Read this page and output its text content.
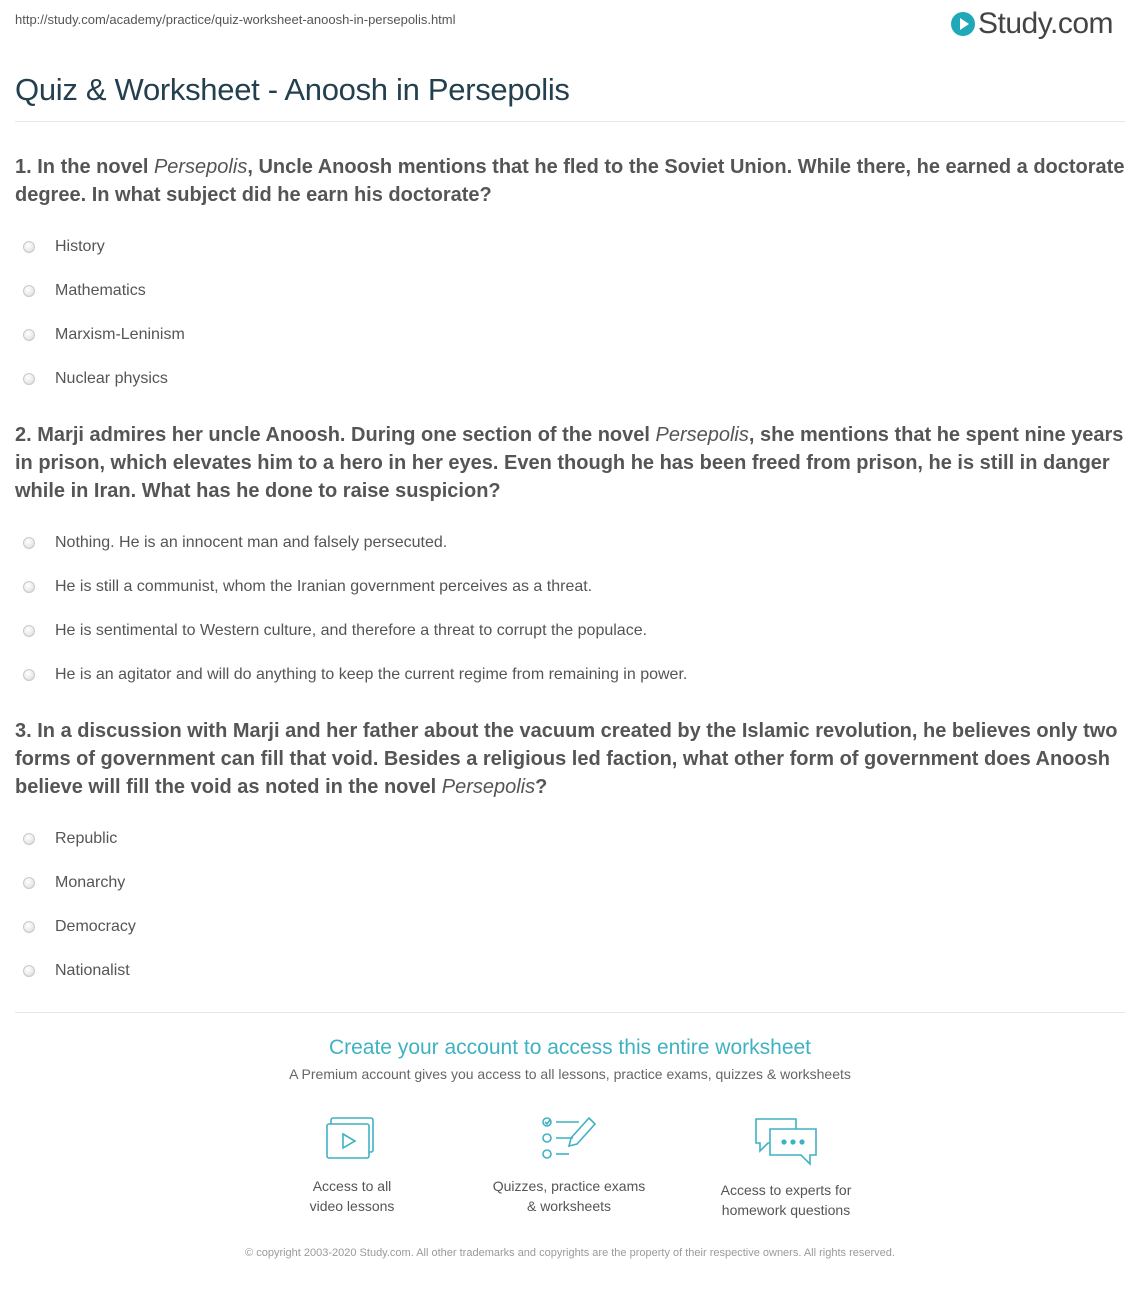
http://study.com/academy/practice/quiz-worksheet-anoosh-in-persepolis.html	Study.com
Quiz & Worksheet - Anoosh in Persepolis

1. In the novel Persepolis, Uncle Anoosh mentions that he fled to the Soviet Union. While there, he earned a doctorate degree. In what subject did he earn his doctorate?

History
Mathematics
Marxism-Leninism
Nuclear physics

2. Marji admires her uncle Anoosh. During one section of the novel Persepolis, she mentions that he spent nine years in prison, which elevates him to a hero in her eyes. Even though he has been freed from prison, he is still in danger while in Iran. What has he done to raise suspicion?

Nothing. He is an innocent man and falsely persecuted.
He is still a communist, whom the Iranian government perceives as a threat.
He is sentimental to Western culture, and therefore a threat to corrupt the populace.
He is an agitator and will do anything to keep the current regime from remaining in power.

3. In a discussion with Marji and her father about the vacuum created by the Islamic revolution, he believes only two forms of government can fill that void. Besides a religious led faction, what other form of government does Anoosh believe will fill the void as noted in the novel Persepolis?

Republic
Monarchy
Democracy
Nationalist
Create your account to access this entire worksheet
A Premium account gives you access to all lessons, practice exams, quizzes & worksheets
Access to all
video lessons
Quizzes, practice exams
& worksheets
Access to experts for
homework questions
© copyright 2003-2020 Study.com. All other trademarks and copyrights are the property of their respective owners. All rights reserved.
